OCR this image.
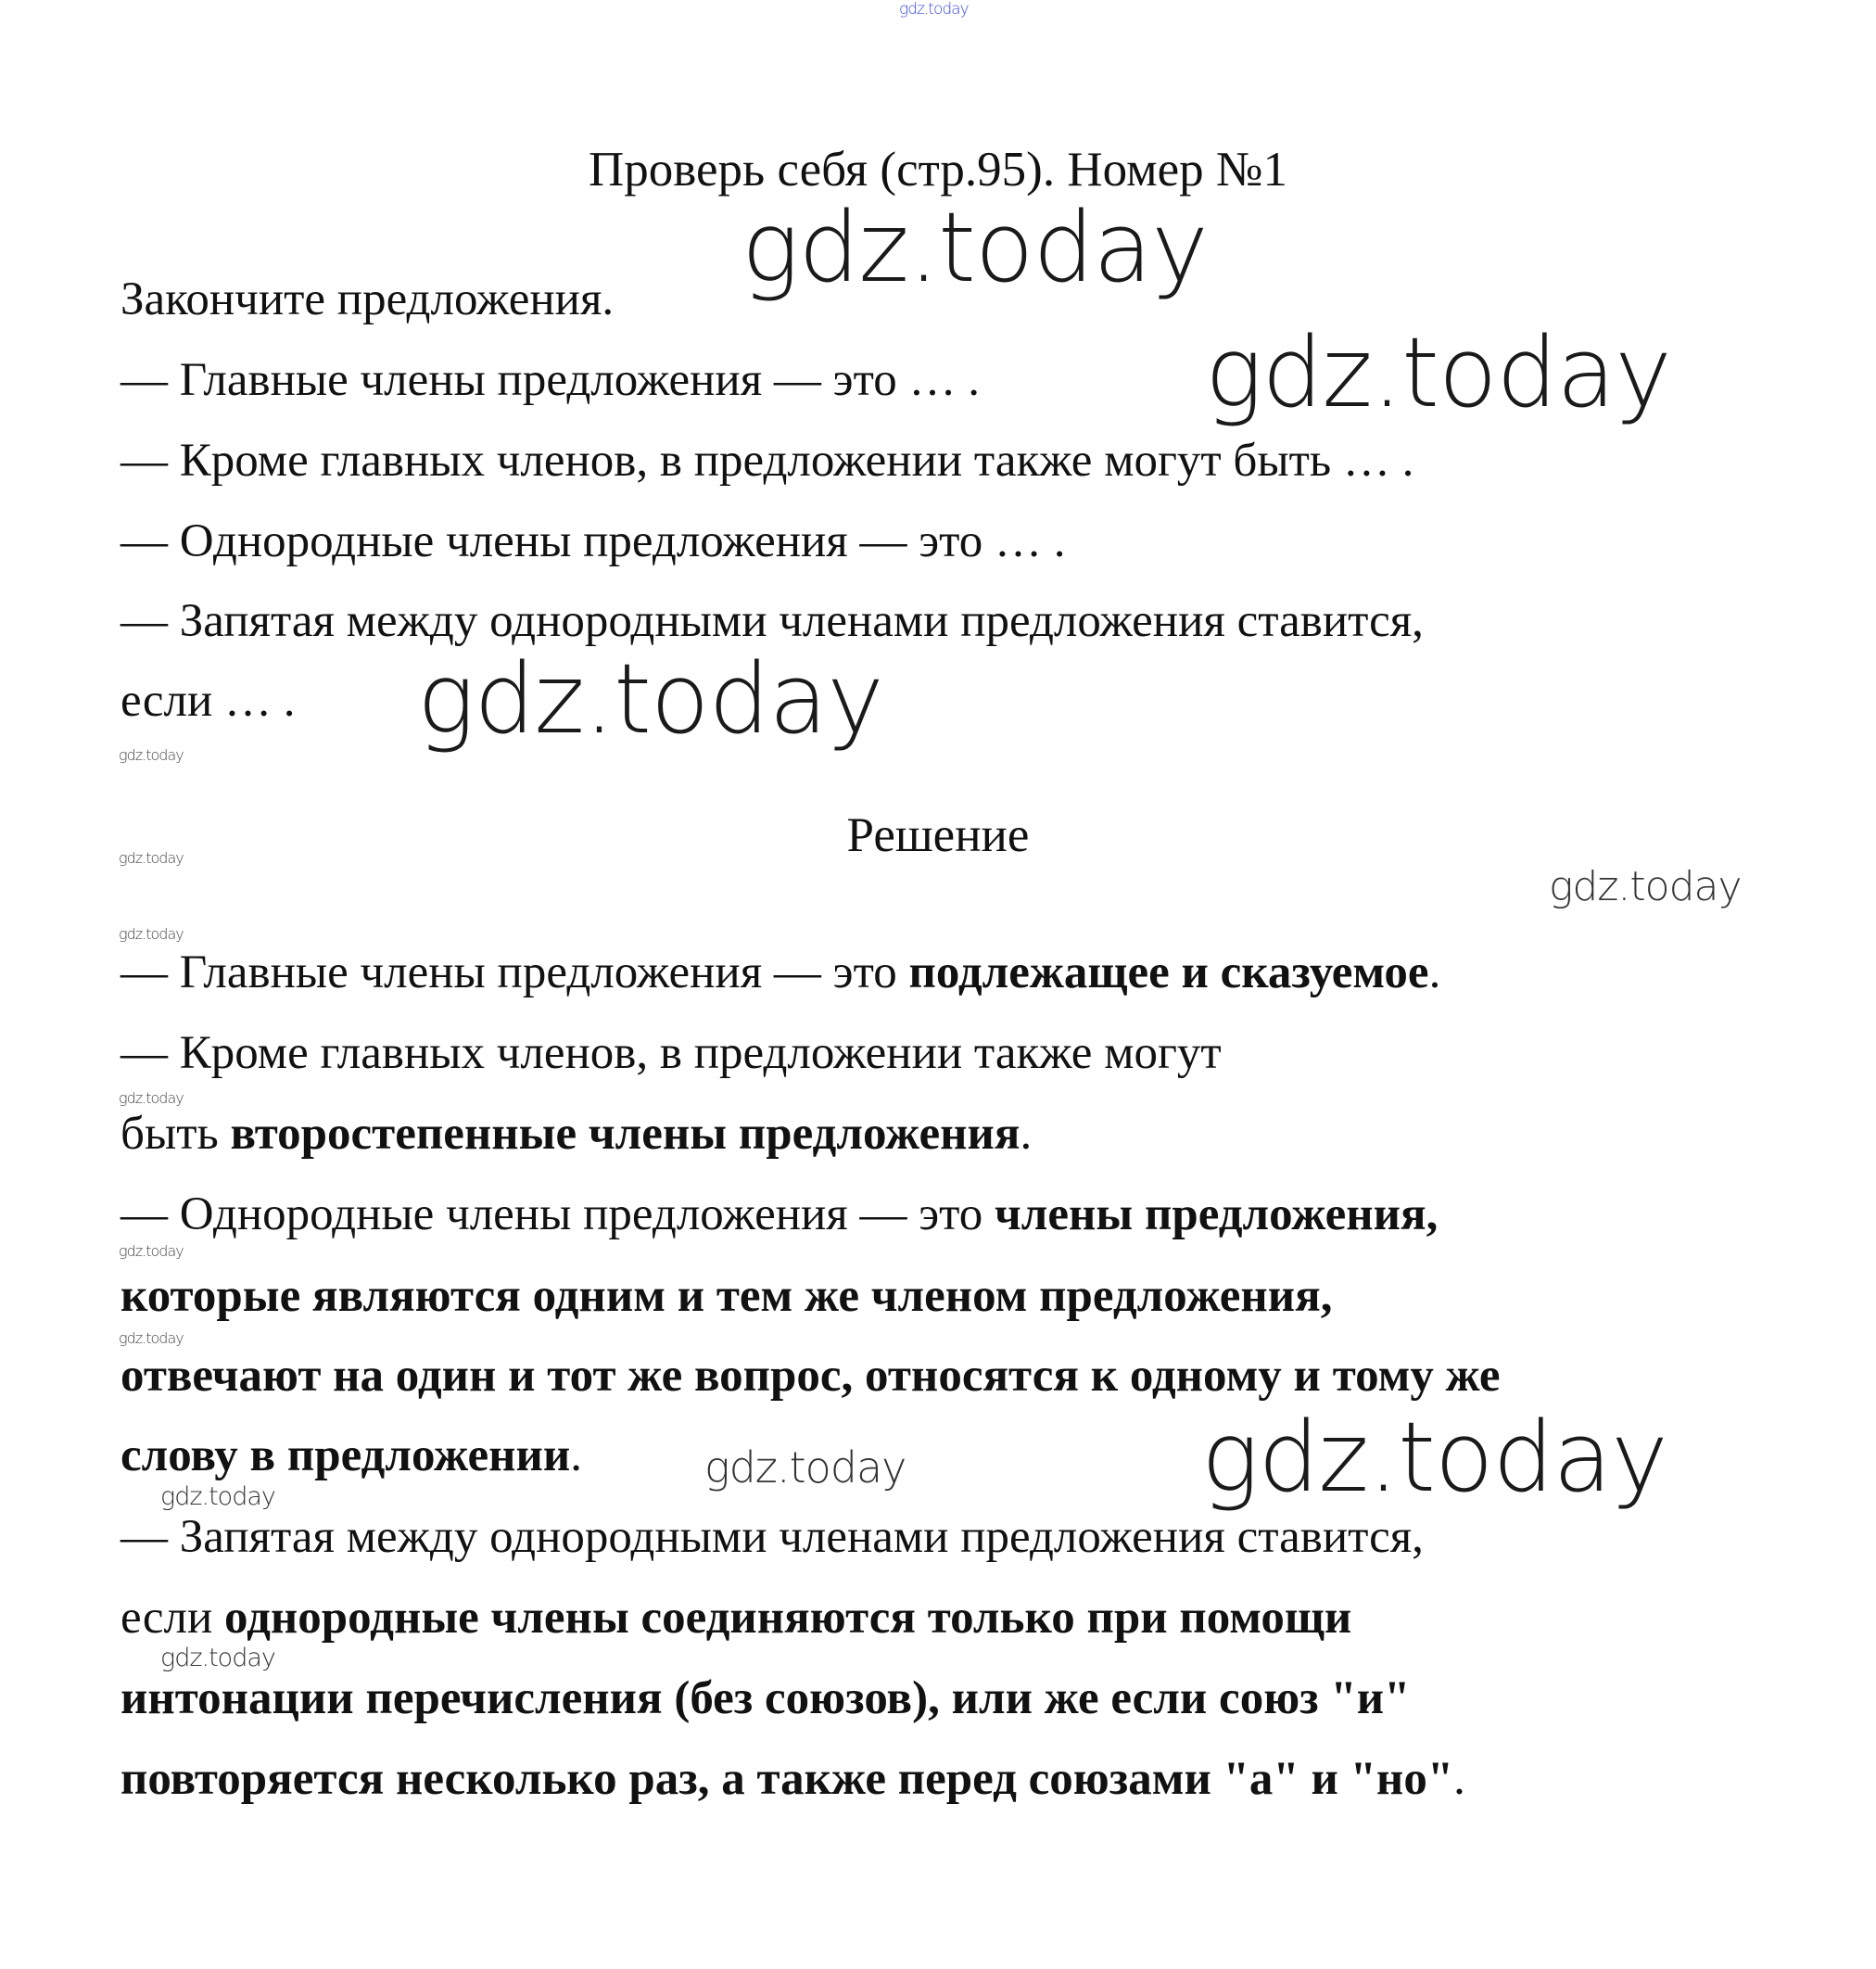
gdz.today
gdz.today
gdz.today
gdz.today
gdz.today
gdz.today
gdz.today
gdz.today
gdz.today
gdz.today
gdz.today
gdz.today
gdz.today
gdz.today
gdz.today
Проверь себя (стр.95). Номер №1
Закончите предложения.
— Главные члены предложения — это … .
— Кроме главных членов, в предложении также могут быть … .
— Однородные члены предложения — это … .
— Запятая между однородными членами предложения ставится,
если … .
Решение
— Главные члены предложения — это подлежащее и сказуемое.
— Кроме главных членов, в предложении также могут
быть второстепенные члены предложения.
— Однородные члены предложения — это члены предложения,
которые являются одним и тем же членом предложения,
отвечают на один и тот же вопрос, относятся к одному и тому же
слову в предложении.
— Запятая между однородными членами предложения ставится,
если однородные члены соединяются только при помощи
интонации перечисления (без союзов), или же если союз "и"
повторяется несколько раз, а также перед союзами "а" и "но".
